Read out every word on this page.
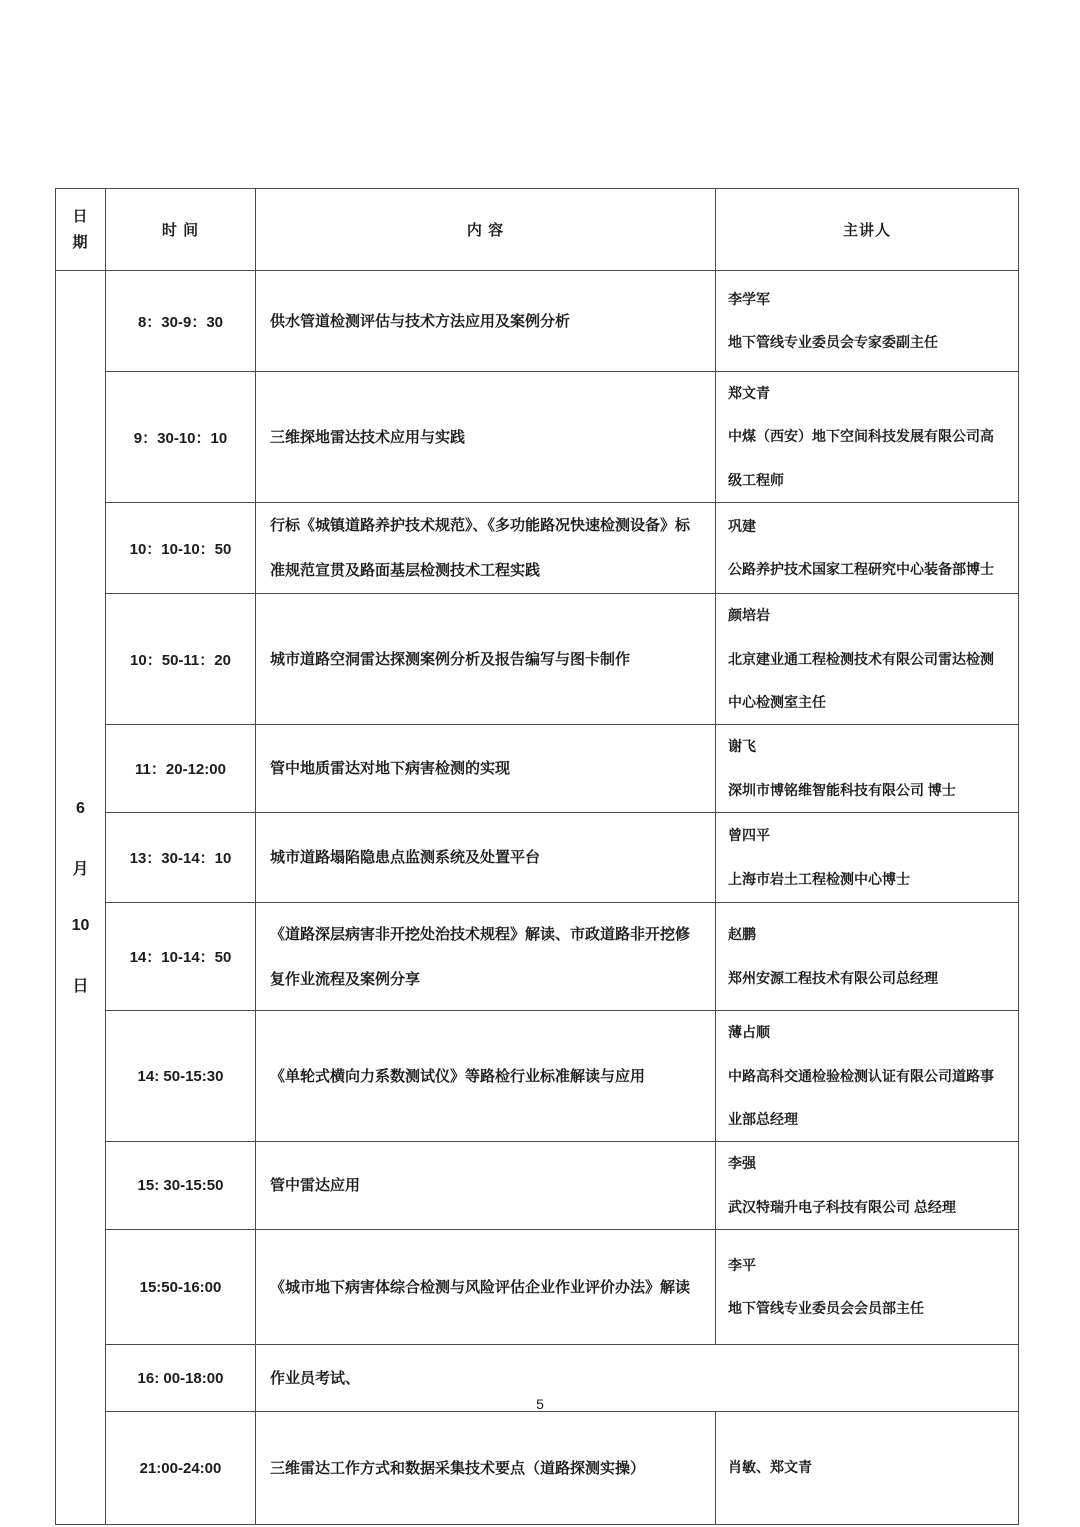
日
期	时 间	内 容	主讲人

6
月
10
日
	8：30-9：30	供水管道检测评估与技术方法应用及案例分析	
李学军
地下管线专业委员会专家委副主任

	9：30-10：10	三维探地雷达技术应用与实践	郑文青
中煤（西安）地下空间科技发展有限公司高级工程师

	10：10-10：50	行标《城镇道路养护技术规范》、《多功能路况快速检测设备》标准规范宣贯及路面基层检测技术工程实践	巩建
公路养护技术国家工程研究中心装备部博士

	10：50-11：20	城市道路空洞雷达探测案例分析及报告编写与图卡制作	颜培岩
北京建业通工程检测技术有限公司雷达检测中心检测室主任

	11：20-12:00	管中地质雷达对地下病害检测的实现	谢飞
深圳市博铭维智能科技有限公司 博士

	13：30-14：10	城市道路塌陷隐患点监测系统及处置平台	曾四平
上海市岩土工程检测中心博士

	14：10-14：50	《道路深层病害非开挖处治技术规程》解读、市政道路非开挖修复作业流程及案例分享	赵鹏
郑州安源工程技术有限公司总经理

	14: 50-15:30	《单轮式横向力系数测试仪》等路检行业标准解读与应用	薄占顺
中路高科交通检验检测认证有限公司道路事业部总经理

	15: 30-15:50	管中雷达应用	李强
武汉特瑞升电子科技有限公司 总经理

	15:50-16:00	《城市地下病害体综合检测与风险评估企业作业评价办法》解读	李平
地下管线专业委员会会员部主任

	16: 00-18:00	作业员考试、	
	21:00-24:00	三维雷达工作方式和数据采集技术要点（道路探测实操）	肖敏、郑文青
5
